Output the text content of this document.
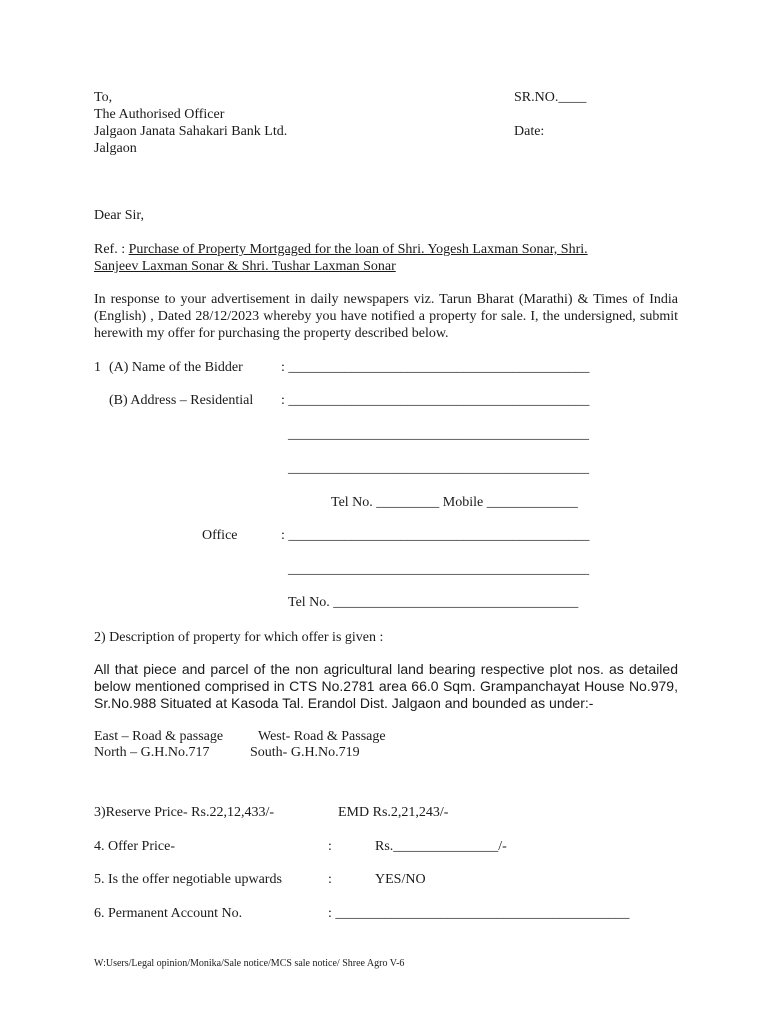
To,
The Authorised Officer
Jalgaon Janata Sahakari Bank Ltd.
Jalgaon
SR.NO.____
Date:
Dear Sir,
Ref. : Purchase of Property Mortgaged for the loan of Shri. Yogesh Laxman Sonar, Shri.
Sanjeev Laxman Sonar & Shri. Tushar Laxman Sonar
In response to your advertisement in daily newspapers viz. Tarun Bharat (Marathi) & Times of India (English) , Dated 28/12/2023 whereby you have notified a property for sale. I, the undersigned, submit herewith my offer for purchasing the property described below.
1 (A) Name of the Bidder	: ___________________________________________
(B) Address – Residential : ___________________________________________
___________________________________________
___________________________________________
Tel No. _________ Mobile _____________
Office	: ___________________________________________
___________________________________________
Tel No. ___________________________________
2) Description of property for which offer is given :
All that piece and parcel of the non agricultural land bearing respective plot nos. as detailed below mentioned comprised in CTS No.2781 area 66.0 Sqm. Grampanchayat House No.979, Sr.No.988 Situated at Kasoda Tal. Erandol Dist. Jalgaon and bounded as under:-
East – Road & passage West- Road & Passage
North – G.H.No.717	South- G.H.No.719
3)Reserve Price- Rs.22,12,433/-	EMD Rs.2,21,243/-
4. Offer Price-	:	Rs._______________/-
5. Is the offer negotiable upwards	:	YES/NO
6. Permanent Account No.	: __________________________________________
W:Users/Legal opinion/Monika/Sale notice/MCS sale notice/ Shree Agro V-6
